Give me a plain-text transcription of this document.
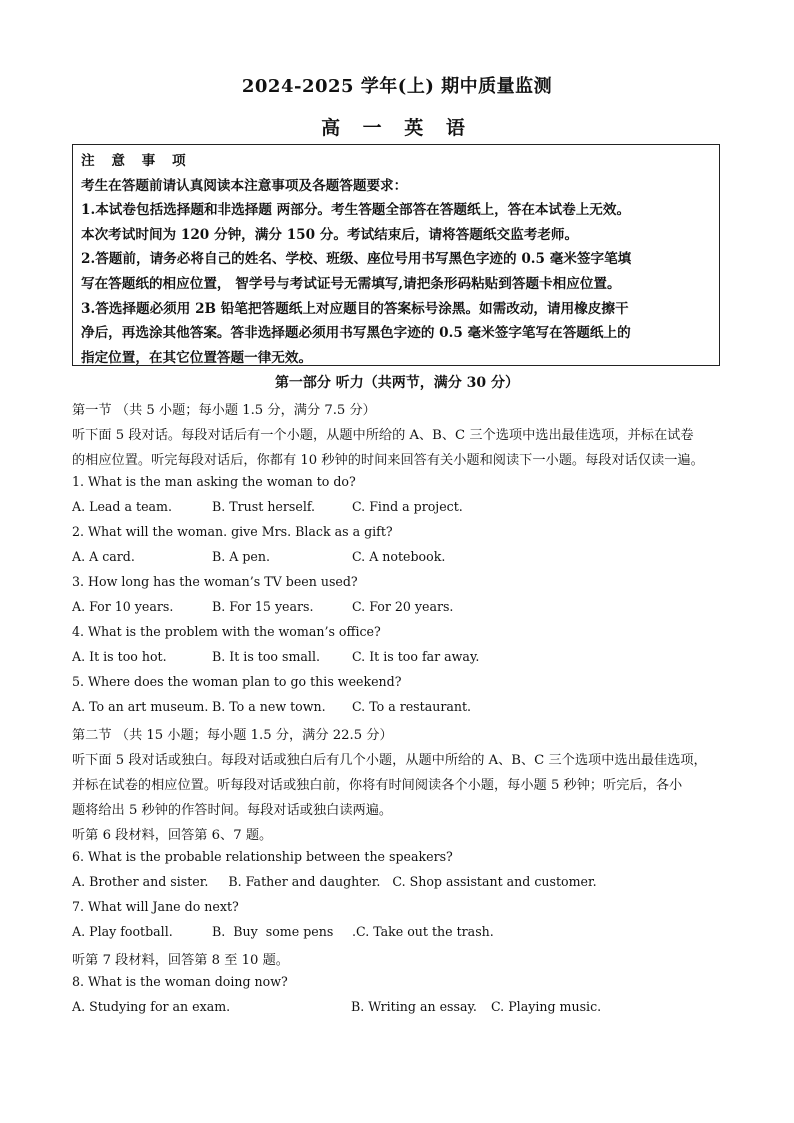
2024-2025 学年(上) 期中质量监测
高 一 英 语
注 意 事 项
考生在答题前请认真阅读本注意事项及各题答题要求：
1.本试卷包括选择题和非选择题 两部分。考生答题全部答在答题纸上，答在本试卷上无效。
本次考试时间为 120 分钟，满分 150 分。考试结束后，请将答题纸交监考老师。
2.答题前，请务必将自己的姓名、学校、班级、座位号用书写黑色字迹的 0.5 毫米签字笔填
写在答题纸的相应位置， 智学号与考试证号无需填写,请把条形码粘贴到答题卡相应位置。
3.答选择题必须用 2B 铅笔把答题纸上对应题目的答案标号涂黑。如需改动，请用橡皮擦干
净后，再选涂其他答案。答非选择题必须用书写黑色字迹的 0.5 毫米签字笔写在答题纸上的
指定位置，在其它位置答题一律无效。
第一部分 听力（共两节，满分 30 分）
第一节 （共 5 小题；每小题 1.5 分，满分 7.5 分）
听下面 5 段对话。每段对话后有一个小题，从题中所给的 A、B、C 三个选项中选出最佳选项，并标在试卷
的相应位置。听完每段对话后，你都有 10 秒钟的时间来回答有关小题和阅读下一小题。每段对话仅读一遍。
1. What is the man asking the woman to do?
A. Lead a team.	B. Trust herself.	C. Find a project.
2. What will the woman. give Mrs. Black as a gift?
A. A card.	B. A pen.	C. A notebook.
3. How long has the woman’s TV been used?
A. For 10 years.	B. For 15 years.	C. For 20 years.
4. What is the problem with the woman’s office?
A. It is too hot.	B. It is too small.	C. It is too far away.
5. Where does the woman plan to go this weekend?
A. To an art museum. B. To a new town. C. To a restaurant.
第二节 （共 15 小题；每小题 1.5 分，满分 22.5 分）
听下面 5 段对话或独白。每段对话或独白后有几个小题，从题中所给的 A、B、C 三个选项中选出最佳选项，
并标在试卷的相应位置。听每段对话或独白前，你将有时间阅读各个小题，每小题 5 秒钟；听完后，各小
题将给出 5 秒钟的作答时间。每段对话或独白读两遍。
听第 6 段材料，回答第 6、7 题。
6. What is the probable relationship between the speakers?
A. Brother and sister.     B. Father and daughter.   C. Shop assistant and customer.
7. What will Jane do next?
A. Play football.	B.  Buy  some pens .C. Take out the trash.
听第 7 段材料，回答第 8 至 10 题。
8. What is the woman doing now?
A. Studying for an exam.	B. Writing an essay. C. Playing music.
